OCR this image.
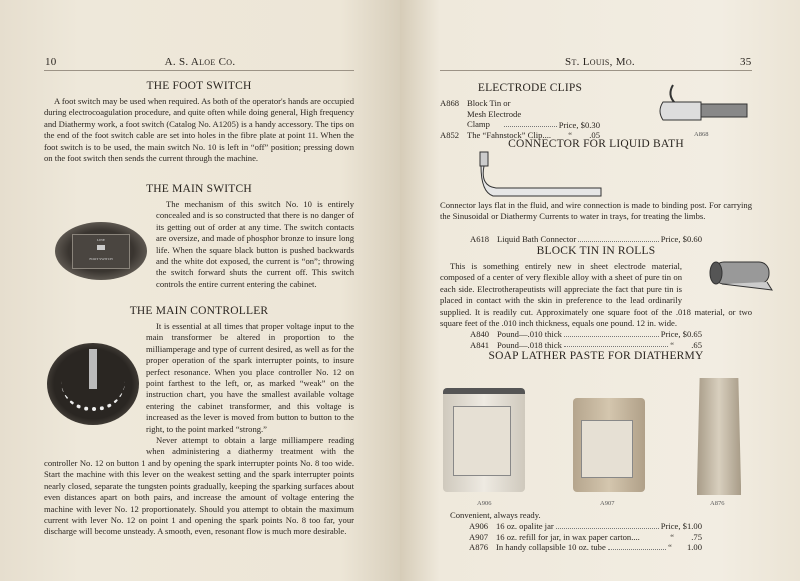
10	A. S. Aloe Co.
THE FOOT SWITCH

A foot switch may be used when required. As both of the operator's hands are occupied during electrocoagulation procedure, and quite often while doing general, High frequency and Diathermy work, a foot switch (Catalog No. A1205) is a handy accessory. The tips on the end of the foot switch cable are set into holes in the fibre plate at point 11. When the foot switch is to be used, the main switch No. 10 is left in “off” position; pressing down on the foot switch then sends the current through the machine.

THE MAIN SWITCH

The mechanism of this switch No. 10 is entirely concealed and is so constructed that there is no danger of its getting out of order at any time. The switch contacts are oversize, and made of phosphor bronze to insure long life. When the square black button is pushed backwards and the white dot exposed, the current is “on”; throwing the switch forward shuts the current off. This switch controls the entire current entering the cabinet.

LINE
FOOT SWITCH
THE MAIN CONTROLLER

It is essential at all times that proper voltage input to the main transformer be altered in proportion to the milliamperage and type of current desired, as well as for the proper operation of the spark interrupter points, to insure perfect resonance. When you place controller No. 12 on point farthest to the left, or, as marked “weak” on the instruction chart, you have the smallest available voltage entering the cabinet transformer, and this voltage is increased as the lever is moved from button to button to the right, to the point marked “strong.”

Never attempt to obtain a large milliampere reading when administering a diathermy treatment with the controller No. 12 on button 1 and by opening the spark interrupter points No. 8 too wide. Start the machine with this lever on the weakest setting and the spark interrupter points nearly closed, separate the tungsten points gradually, keeping the sparking surfaces about even distances apart on both pairs, and increase the amount of voltage entering the machine with lever No. 12 proportionately. Should you attempt to obtain the maximum current with lever No. 12 on point 1 and opening the spark points No. 8 too far, your discharge will become unsteady. A smooth, even, resonant flow is much more desirable.

St. Louis, Mo.	35
ELECTRODE CLIPS
A868 Block Tin or Mesh Electrode Clamp	Price, $0.30
A852 The “Fahnstock” Clip.... “        .05	A868
CONNECTOR FOR LIQUID BATH
Connector lays flat in the fluid, and wire connection is made to binding post. For carrying the Sinusoidal or Diathermy Currents to water in trays, for treating the limbs.
A618 Liquid Bath Connector	Price, $0.60
BLOCK TIN IN ROLLS

This is something entirely new in sheet electrode material, composed of a center of very flexible alloy with a sheet of pure tin on each side. Electrotherapeutists will appreciate the fact that pure tin is placed in contact with the skin in preference to the lead ordinarily supplied. It is readily cut. Approximately one square foot of the .018 material, or two square feet of the .010 inch thickness, equals one pound. 12 in. wide.

A840 Pound—.010 thick	Price, $0.65
A841 Pound—.018 thick	“        .65
SOAP LATHER PASTE FOR DIATHERMY
A906	A907	A876
Convenient, always ready.
A906 16 oz. opalite jar	Price, $1.00
A907 16 oz. refill for jar, in wax paper carton....	“        .75
A876 In handy collapsible 10 oz. tube	“       1.00
